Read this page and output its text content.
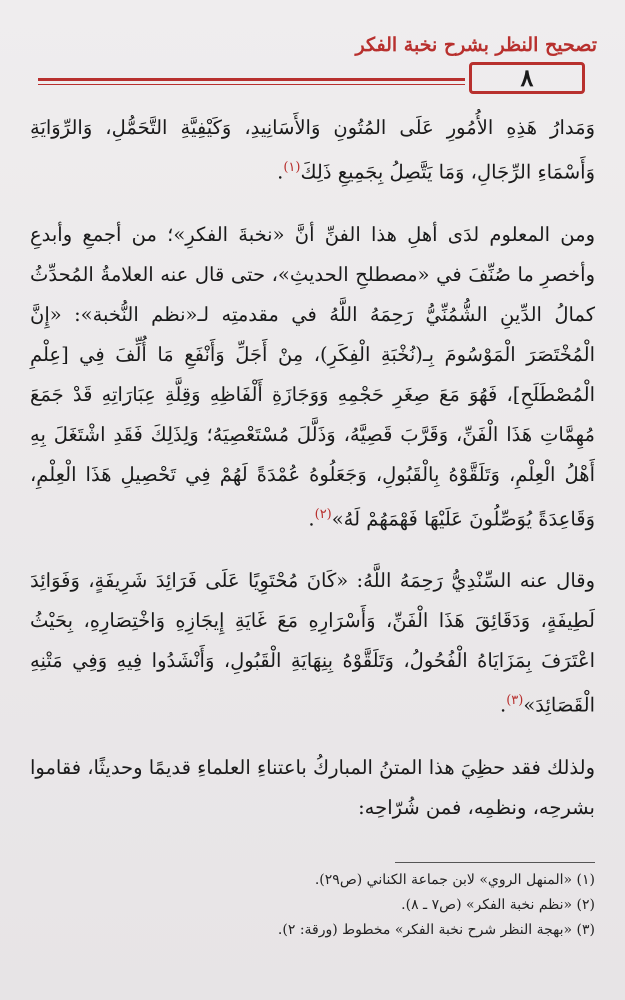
تصحيح النظر بشرح نخبة الفكر
٨

وَمَدارُ هَذِهِ الأُمُورِ عَلَى المُتُونِ وَالأَسَانِيدِ، وَكَيْفِيَّةِ التَّحَمُّلِ، وَالرِّوَايَةِ وَأَسْمَاءِ الرِّجَالِ، وَمَا يَتَّصِلُ بِجَمِيعِ ذَلِكَ$^{(١)}$.

ومن المعلوم لدَى أهلِ هذا الفنِّ أنَّ «نخبةَ الفكرِ»؛ من أجمعِ وأبدعِ وأخصرِ ما صُنِّفَ في «مصطلحِ الحديثِ»، حتى قال عنه العلامةُ المُحدِّثُ كمالُ الدِّينِ الشُّمُنِّيُّ رَحِمَهُ اللَّهُ في مقدمتِه لـ«نظم النُّخبة»: «إِنَّ الْمُخْتَصَرَ الْمَوْسُومَ بِـ(نُخْبَةِ الْفِكَرِ)، مِنْ أَجَلِّ وَأَنْفَعِ مَا أُلِّفَ فِي [عِلْمِ الْمُصْطَلَحِ]، فَهُوَ مَعَ صِغَرِ حَجْمِهِ وَوَجَازَةِ أَلْفَاظِهِ وَقِلَّةِ عِبَارَاتِهِ قَدْ جَمَعَ مُهِمَّاتِ هَذَا الْفَنِّ، وَقَرَّبَ قَصِيَّهُ، وَذَلَّلَ مُسْتَعْصِيَهُ؛ وَلِذَلِكَ فَقَدِ اشْتَغَلَ بِهِ أَهْلُ الْعِلْمِ، وَتَلَقَّوْهُ بِالْقَبُولِ، وَجَعَلُوهُ عُمْدَةً لَهُمْ فِي تَحْصِيلِ هَذَا الْعِلْمِ، وَقَاعِدَةً يُوَصِّلُونَ عَلَيْهَا فَهْمَهُمْ لَهُ»$^{(٢)}$.

وقال عنه السِّنْدِيُّ رَحِمَهُ اللَّهُ: «كَانَ مُحْتَوِيًا عَلَى فَرَائِدَ شَرِيفَةٍ، وَفَوَائِدَ لَطِيفَةٍ، وَدَقَائِقَ هَذَا الْفَنِّ، وَأَسْرَارِهِ مَعَ غَايَةِ إِيجَازِهِ وَاخْتِصَارِهِ، بِحَيْثُ اعْتَرَفَ بِمَزَايَاهُ الْفُحُولُ، وَتَلَقَّوْهُ بِنِهَايَةِ الْقَبُولِ، وَأَنْشَدُوا فِيهِ وَفِي مَتْنِهِ الْقَصَائِدَ»$^{(٣)}$.

ولذلك فقد حظِيَ هذا المتنُ المباركُ باعتناءِ العلماءِ قديمًا وحديثًا، فقاموا بشرحِه، ونظمِه، فمن شُرّاحِه:

(١) «المنهل الروي» لابن جماعة الكناني (ص٢٩).
(٢) «نظم نخبة الفكر» (ص٧ ـ ٨).
(٣) «بهجة النظر شرح نخبة الفكر» مخطوط (ورقة: ٢).
